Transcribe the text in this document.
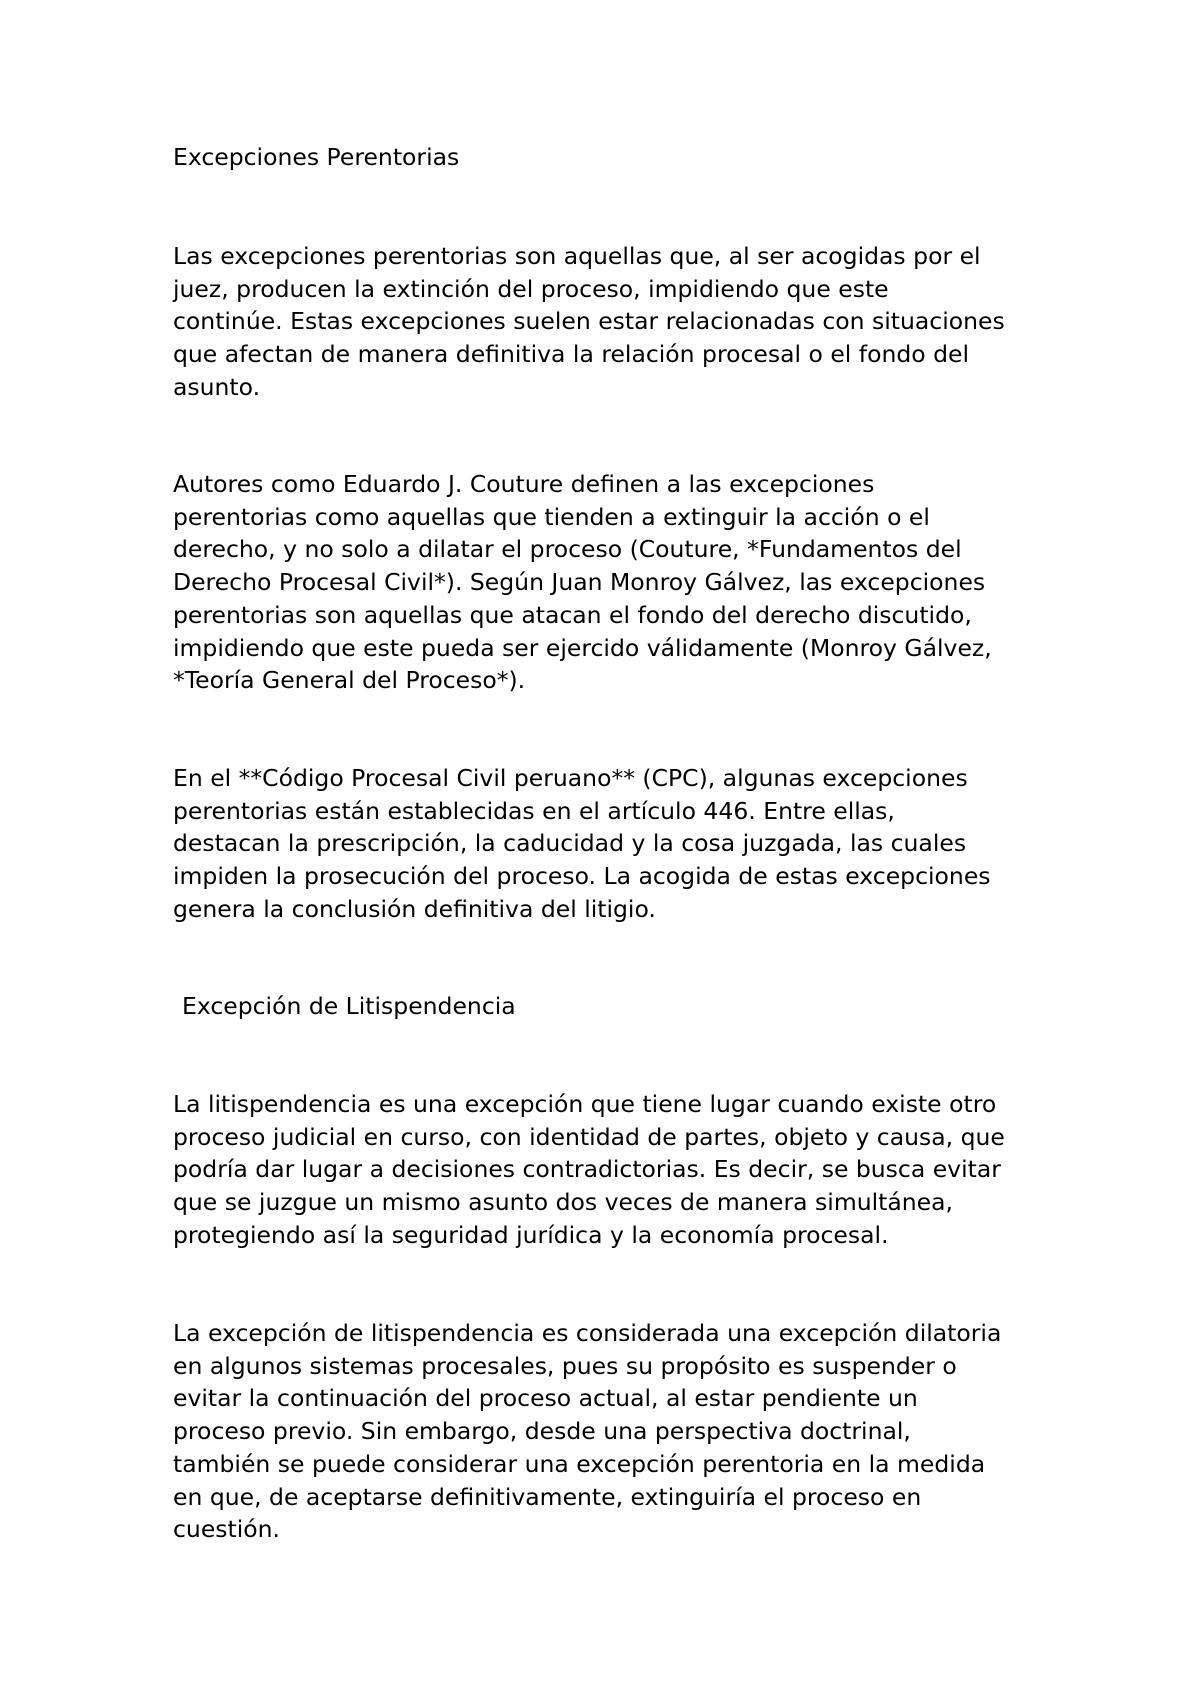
Excepciones Perentorias

Las excepciones perentorias son aquellas que, al ser acogidas por el
juez, producen la extinción del proceso, impidiendo que este
continúe. Estas excepciones suelen estar relacionadas con situaciones
que afectan de manera definitiva la relación procesal o el fondo del
asunto.

Autores como Eduardo J. Couture definen a las excepciones
perentorias como aquellas que tienden a extinguir la acción o el
derecho, y no solo a dilatar el proceso (Couture, *Fundamentos del
Derecho Procesal Civil*). Según Juan Monroy Gálvez, las excepciones
perentorias son aquellas que atacan el fondo del derecho discutido,
impidiendo que este pueda ser ejercido válidamente (Monroy Gálvez,
*Teoría General del Proceso*).

En el **Código Procesal Civil peruano** (CPC), algunas excepciones
perentorias están establecidas en el artículo 446. Entre ellas,
destacan la prescripción, la caducidad y la cosa juzgada, las cuales
impiden la prosecución del proceso. La acogida de estas excepciones
genera la conclusión definitiva del litigio.

Excepción de Litispendencia

La litispendencia es una excepción que tiene lugar cuando existe otro
proceso judicial en curso, con identidad de partes, objeto y causa, que
podría dar lugar a decisiones contradictorias. Es decir, se busca evitar
que se juzgue un mismo asunto dos veces de manera simultánea,
protegiendo así la seguridad jurídica y la economía procesal.

La excepción de litispendencia es considerada una excepción dilatoria
en algunos sistemas procesales, pues su propósito es suspender o
evitar la continuación del proceso actual, al estar pendiente un
proceso previo. Sin embargo, desde una perspectiva doctrinal,
también se puede considerar una excepción perentoria en la medida
en que, de aceptarse definitivamente, extinguiría el proceso en
cuestión.
